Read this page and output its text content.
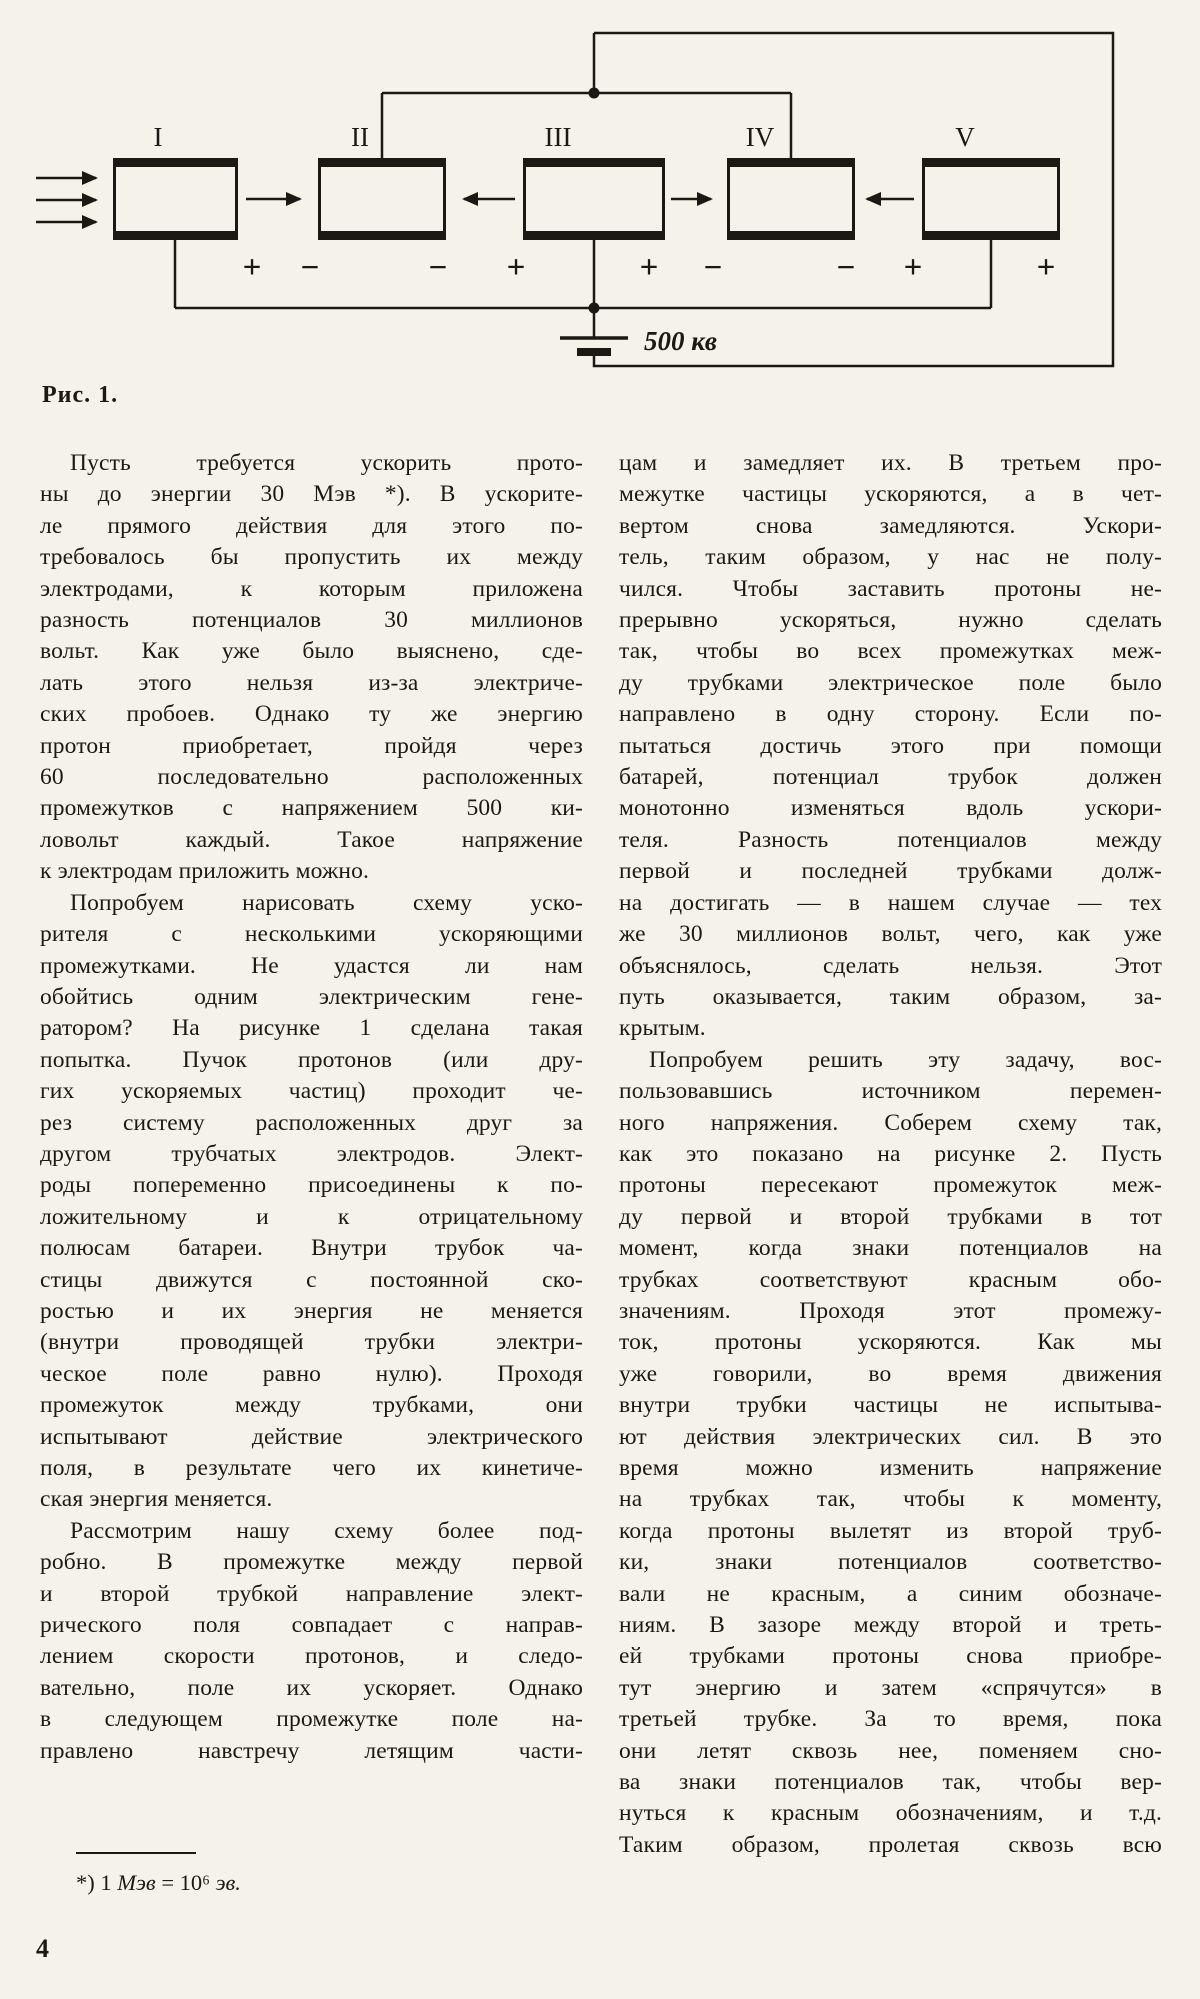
I	II	III	IV	V
+ −	− +	+ −	− +	+
500 кв
Рис. 1.
Пусть требуется ускорить прото-
ны до энергии 30 Мэв *). В ускорите-
ле прямого действия для этого по-
требовалось бы пропустить их между
электродами, к которым приложена
разность потенциалов 30 миллионов
вольт. Как уже было выяснено, сде-
лать этого нельзя из-за электриче-
ских пробоев. Однако ту же энергию
протон приобретает, пройдя через
60 последовательно расположенных
промежутков с напряжением 500 ки-
ловольт каждый. Такое напряжение
к электродам приложить можно.
Попробуем нарисовать схему уско-
рителя с несколькими ускоряющими
промежутками. Не удастся ли нам
обойтись одним электрическим гене-
ратором? На рисунке 1 сделана такая
попытка. Пучок протонов (или дру-
гих ускоряемых частиц) проходит че-
рез систему расположенных друг за
другом трубчатых электродов. Элект-
роды попеременно присоединены к по-
ложительному и к отрицательному
полюсам батареи. Внутри трубок ча-
стицы движутся с постоянной ско-
ростью и их энергия не меняется
(внутри проводящей трубки электри-
ческое поле равно нулю). Проходя
промежуток между трубками, они
испытывают действие электрического
поля, в результате чего их кинетиче-
ская энергия меняется.
Рассмотрим нашу схему более под-
робно. В промежутке между первой
и второй трубкой направление элект-
рического поля совпадает с направ-
лением скорости протонов, и следо-
вательно, поле их ускоряет. Однако
в следующем промежутке поле на-
правлено навстречу летящим части-
цам и замедляет их. В третьем про-
межутке частицы ускоряются, а в чет-
вертом снова замедляются. Ускори-
тель, таким образом, у нас не полу-
чился. Чтобы заставить протоны не-
прерывно ускоряться, нужно сделать
так, чтобы во всех промежутках меж-
ду трубками электрическое поле было
направлено в одну сторону. Если по-
пытаться достичь этого при помощи
батарей, потенциал трубок должен
монотонно изменяться вдоль ускори-
теля. Разность потенциалов между
первой и последней трубками долж-
на достигать — в нашем случае — тех
же 30 миллионов вольт, чего, как уже
объяснялось, сделать нельзя. Этот
путь оказывается, таким образом, за-
крытым.
Попробуем решить эту задачу, вос-
пользовавшись источником перемен-
ного напряжения. Соберем схему так,
как это показано на рисунке 2. Пусть
протоны пересекают промежуток меж-
ду первой и второй трубками в тот
момент, когда знаки потенциалов на
трубках соответствуют красным обо-
значениям. Проходя этот промежу-
ток, протоны ускоряются. Как мы
уже говорили, во время движения
внутри трубки частицы не испытыва-
ют действия электрических сил. В это
время можно изменить напряжение
на трубках так, чтобы к моменту,
когда протоны вылетят из второй труб-
ки, знаки потенциалов соответство-
вали не красным, а синим обозначе-
ниям. В зазоре между второй и треть-
ей трубками протоны снова приобре-
тут энергию и затем «спрячутся» в
третьей трубке. За то время, пока
они летят сквозь нее, поменяем сно-
ва знаки потенциалов так, чтобы вер-
нуться к красным обозначениям, и т.д.
Таким образом, пролетая сквозь всю
*) 1 Мэв = 10⁶ эв.
4
